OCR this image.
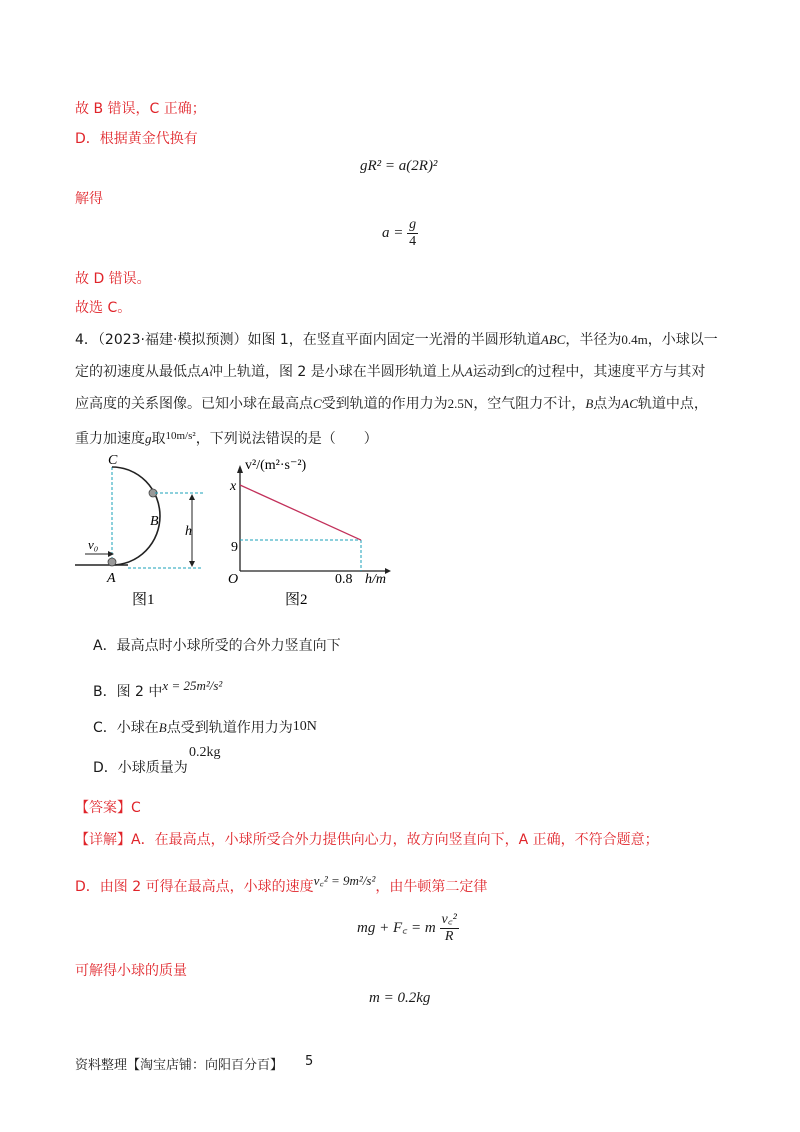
故 B 错误，C 正确；
D．根据黄金代换有
gR² = a(2R)²
解得
$a = \frac{g}{4}$
故 D 错误。
故选 C。
4．（2023·福建·模拟预测）如图 1，在竖直平面内固定一光滑的半圆形轨道ABC，半径为0.4m，小球以一
定的初速度从最低点A冲上轨道，图 2 是小球在半圆形轨道上从A运动到C的过程中，其速度平方与其对
应高度的关系图像。已知小球在最高点C受到轨道的作用力为2.5N，空气阻力不计，B点为AC轨道中点，
重力加速度g取$^{10m/s^2}$，下列说法错误的是（　　）
C
B
A
v₀
h
图1
v²/(m²·s⁻²)
x
9
O	0.8 h/m
图2
A．最高点时小球所受的合外力竖直向下
B．图 2 中x = 25m²/s²
C．小球在B点受到轨道作用力为10N
D．小球质量为
0.2kg
【答案】C
【详解】A．在最高点，小球所受合外力提供向心力，故方向竖直向下，A 正确，不符合题意；
D．由图 2 可得在最高点，小球的速度v꜀² = 9m²/s²，由牛顿第二定律
mg + F꜀ = m $\frac{\text{v꜀²}}{R}$
可解得小球的质量
m = 0.2kg
资料整理【淘宝店铺：向阳百分百】 5
